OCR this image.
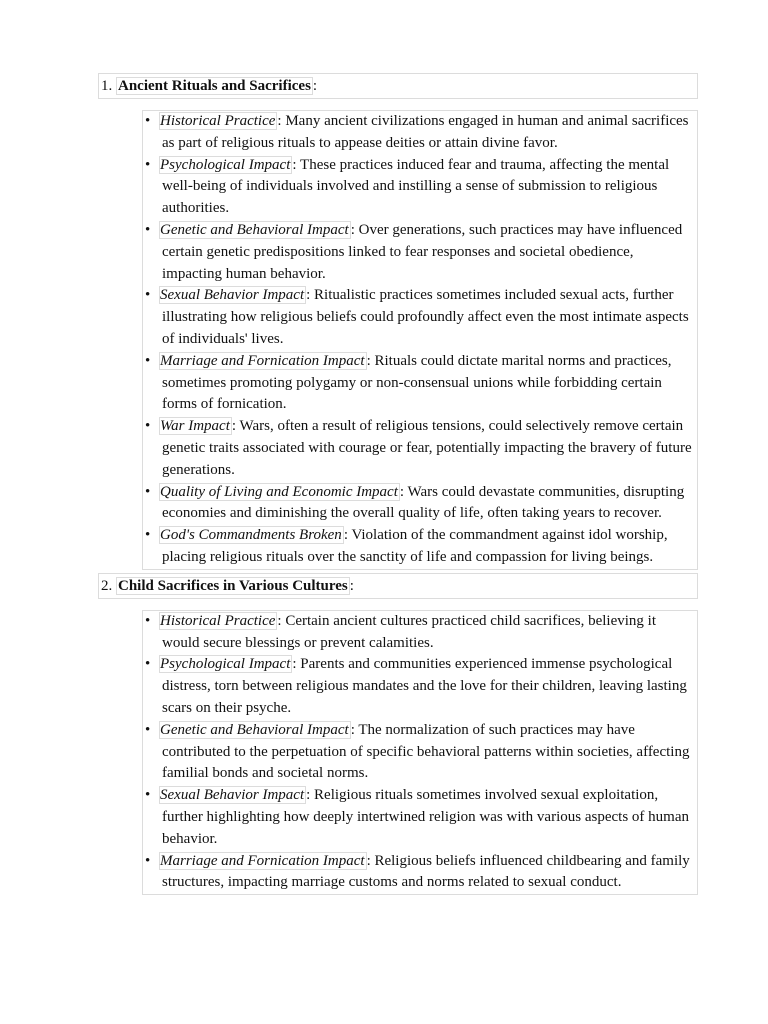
1. Ancient Rituals and Sacrifices :
• Historical Practice : Many ancient civilizations engaged in human and animal sacrifices as part of religious rituals to appease deities or attain divine favor.
• Psychological Impact : These practices induced fear and trauma, affecting the mental well-being of individuals involved and instilling a sense of submission to religious authorities.
• Genetic and Behavioral Impact : Over generations, such practices may have influenced certain genetic predispositions linked to fear responses and societal obedience, impacting human behavior.
• Sexual Behavior Impact : Ritualistic practices sometimes included sexual acts, further illustrating how religious beliefs could profoundly affect even the most intimate aspects of individuals' lives.
• Marriage and Fornication Impact : Rituals could dictate marital norms and practices, sometimes promoting polygamy or non-consensual unions while forbidding certain forms of fornication.
• War Impact : Wars, often a result of religious tensions, could selectively remove certain genetic traits associated with courage or fear, potentially impacting the bravery of future generations.
• Quality of Living and Economic Impact : Wars could devastate communities, disrupting economies and diminishing the overall quality of life, often taking years to recover.
• God's Commandments Broken : Violation of the commandment against idol worship, placing religious rituals over the sanctity of life and compassion for living beings.
2. Child Sacrifices in Various Cultures :
• Historical Practice : Certain ancient cultures practiced child sacrifices, believing it would secure blessings or prevent calamities.
• Psychological Impact : Parents and communities experienced immense psychological distress, torn between religious mandates and the love for their children, leaving lasting scars on their psyche.
• Genetic and Behavioral Impact : The normalization of such practices may have contributed to the perpetuation of specific behavioral patterns within societies, affecting familial bonds and societal norms.
• Sexual Behavior Impact : Religious rituals sometimes involved sexual exploitation, further highlighting how deeply intertwined religion was with various aspects of human behavior.
• Marriage and Fornication Impact : Religious beliefs influenced childbearing and family structures, impacting marriage customs and norms related to sexual conduct.
